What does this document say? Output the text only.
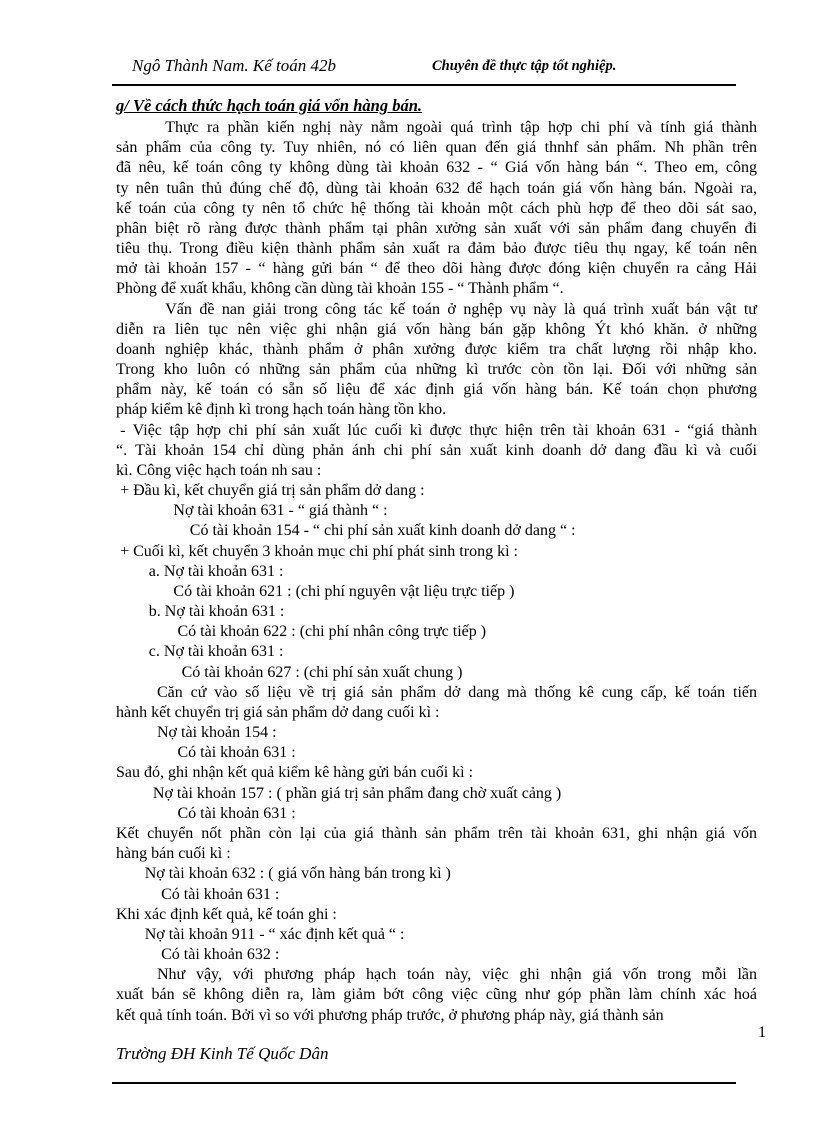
Ngô Thành Nam. Kế toán 42b	Chuyên đề thực tập tốt nghiệp.
g/ Về cách thức hạch toán giá vốn hàng bán.
Thực ra phần kiến nghị này nằm ngoài quá trình tập hợp chi phí và tính giá thành
sản phẩm của công ty. Tuy nhiên, nó có liên quan đến giá thnhf sản phẩm. Nh phần trên
đã nêu, kế toán công ty không dùng tài khoản 632 - “ Giá vốn hàng bán “. Theo em, công
ty nên tuân thủ đúng chế độ, dùng tài khoản 632 để hạch toán giá vốn hàng bán. Ngoài ra,
kế toán của công ty nên tổ chức hệ thống tài khoản một cách phù hợp để theo dõi sát sao,
phân biệt rõ ràng được thành phẩm tại phân xưởng sản xuất với sản phẩm đang chuyển đi
tiêu thụ. Trong điều kiện thành phẩm sản xuất ra đảm bảo được tiêu thụ ngay, kế toán nên
mở tài khoản 157 - “ hàng gửi bán “ để theo dõi hàng được đóng kiện chuyển ra cảng Hải
Phòng để xuất khẩu, không cần dùng tài khoản 155 - “ Thành phẩm “.
Vấn đề nan giải trong công tác kế toán ở nghệp vụ này là quá trình xuất bán vật tư
diễn ra liên tục nên việc ghi nhận giá vốn hàng bán gặp không Ýt khó khăn. ở những
doanh nghiệp khác, thành phẩm ở phân xưởng được kiểm tra chất lượng rồi nhập kho.
Trong kho luôn có những sản phẩm của những kì trước còn tồn lại. Đối với những sản
phẩm này, kế toán có sẵn số liệu để xác định giá vốn hàng bán. Kế toán chọn phương
pháp kiểm kê định kì trong hạch toán hàng tồn kho.
- Việc tập hợp chi phí sản xuất lúc cuối kì được thực hiện trên tài khoản 631 - “giá thành
“. Tài khoản 154 chỉ dùng phản ánh chi phí sản xuất kinh doanh dở dang đầu kì và cuối
kì. Công việc hạch toán nh sau :
+ Đầu kì, kết chuyển giá trị sản phẩm dở dang :
Nợ tài khoản 631 - “ giá thành “ :
Có tài khoản 154 - “ chi phí sản xuất kinh doanh dở dang “ :
+ Cuối kì, kết chuyển 3 khoản mục chi phí phát sinh trong kì :
a. Nợ tài khoản 631 :
Có tài khoản 621 : (chi phí nguyên vật liệu trực tiếp )
b. Nợ tài khoản 631 :
Có tài khoản 622 : (chi phí nhân công trực tiếp )
c. Nợ tài khoản 631 :
Có tài khoản 627 : (chi phí sản xuất chung )
Căn cứ vào số liệu về trị giá sản phẩm dở dang mà thống kê cung cấp, kế toán tiến
hành kết chuyển trị giá sản phẩm dở dang cuối kì :
Nợ tài khoản 154 :
Có tài khoản 631 :
Sau đó, ghi nhận kết quả kiểm kê hàng gửi bán cuối kì :
Nợ tài khoản 157 : ( phần giá trị sản phẩm đang chờ xuất cảng )
Có tài khoản 631 :
Kết chuyển nốt phần còn lại của giá thành sản phẩm trên tài khoản 631, ghi nhận giá vốn
hàng bán cuối kì :
Nợ tài khoản 632 : ( giá vốn hàng bán trong kì )
Có tài khoản 631 :
Khi xác định kết quả, kế toán ghi :
Nợ tài khoản 911 - “ xác định kết quả “ :
Có tài khoản 632 :
Như vậy, với phương pháp hạch toán này, việc ghi nhận giá vốn trong mỗi lần
xuất bán sẽ không diễn ra, làm giảm bớt công việc cũng như góp phần làm chính xác hoá
kết quả tính toán. Bởi vì so với phương pháp trước, ở phương pháp này, giá thành sản
1
Trường ĐH Kinh Tế Quốc Dân
